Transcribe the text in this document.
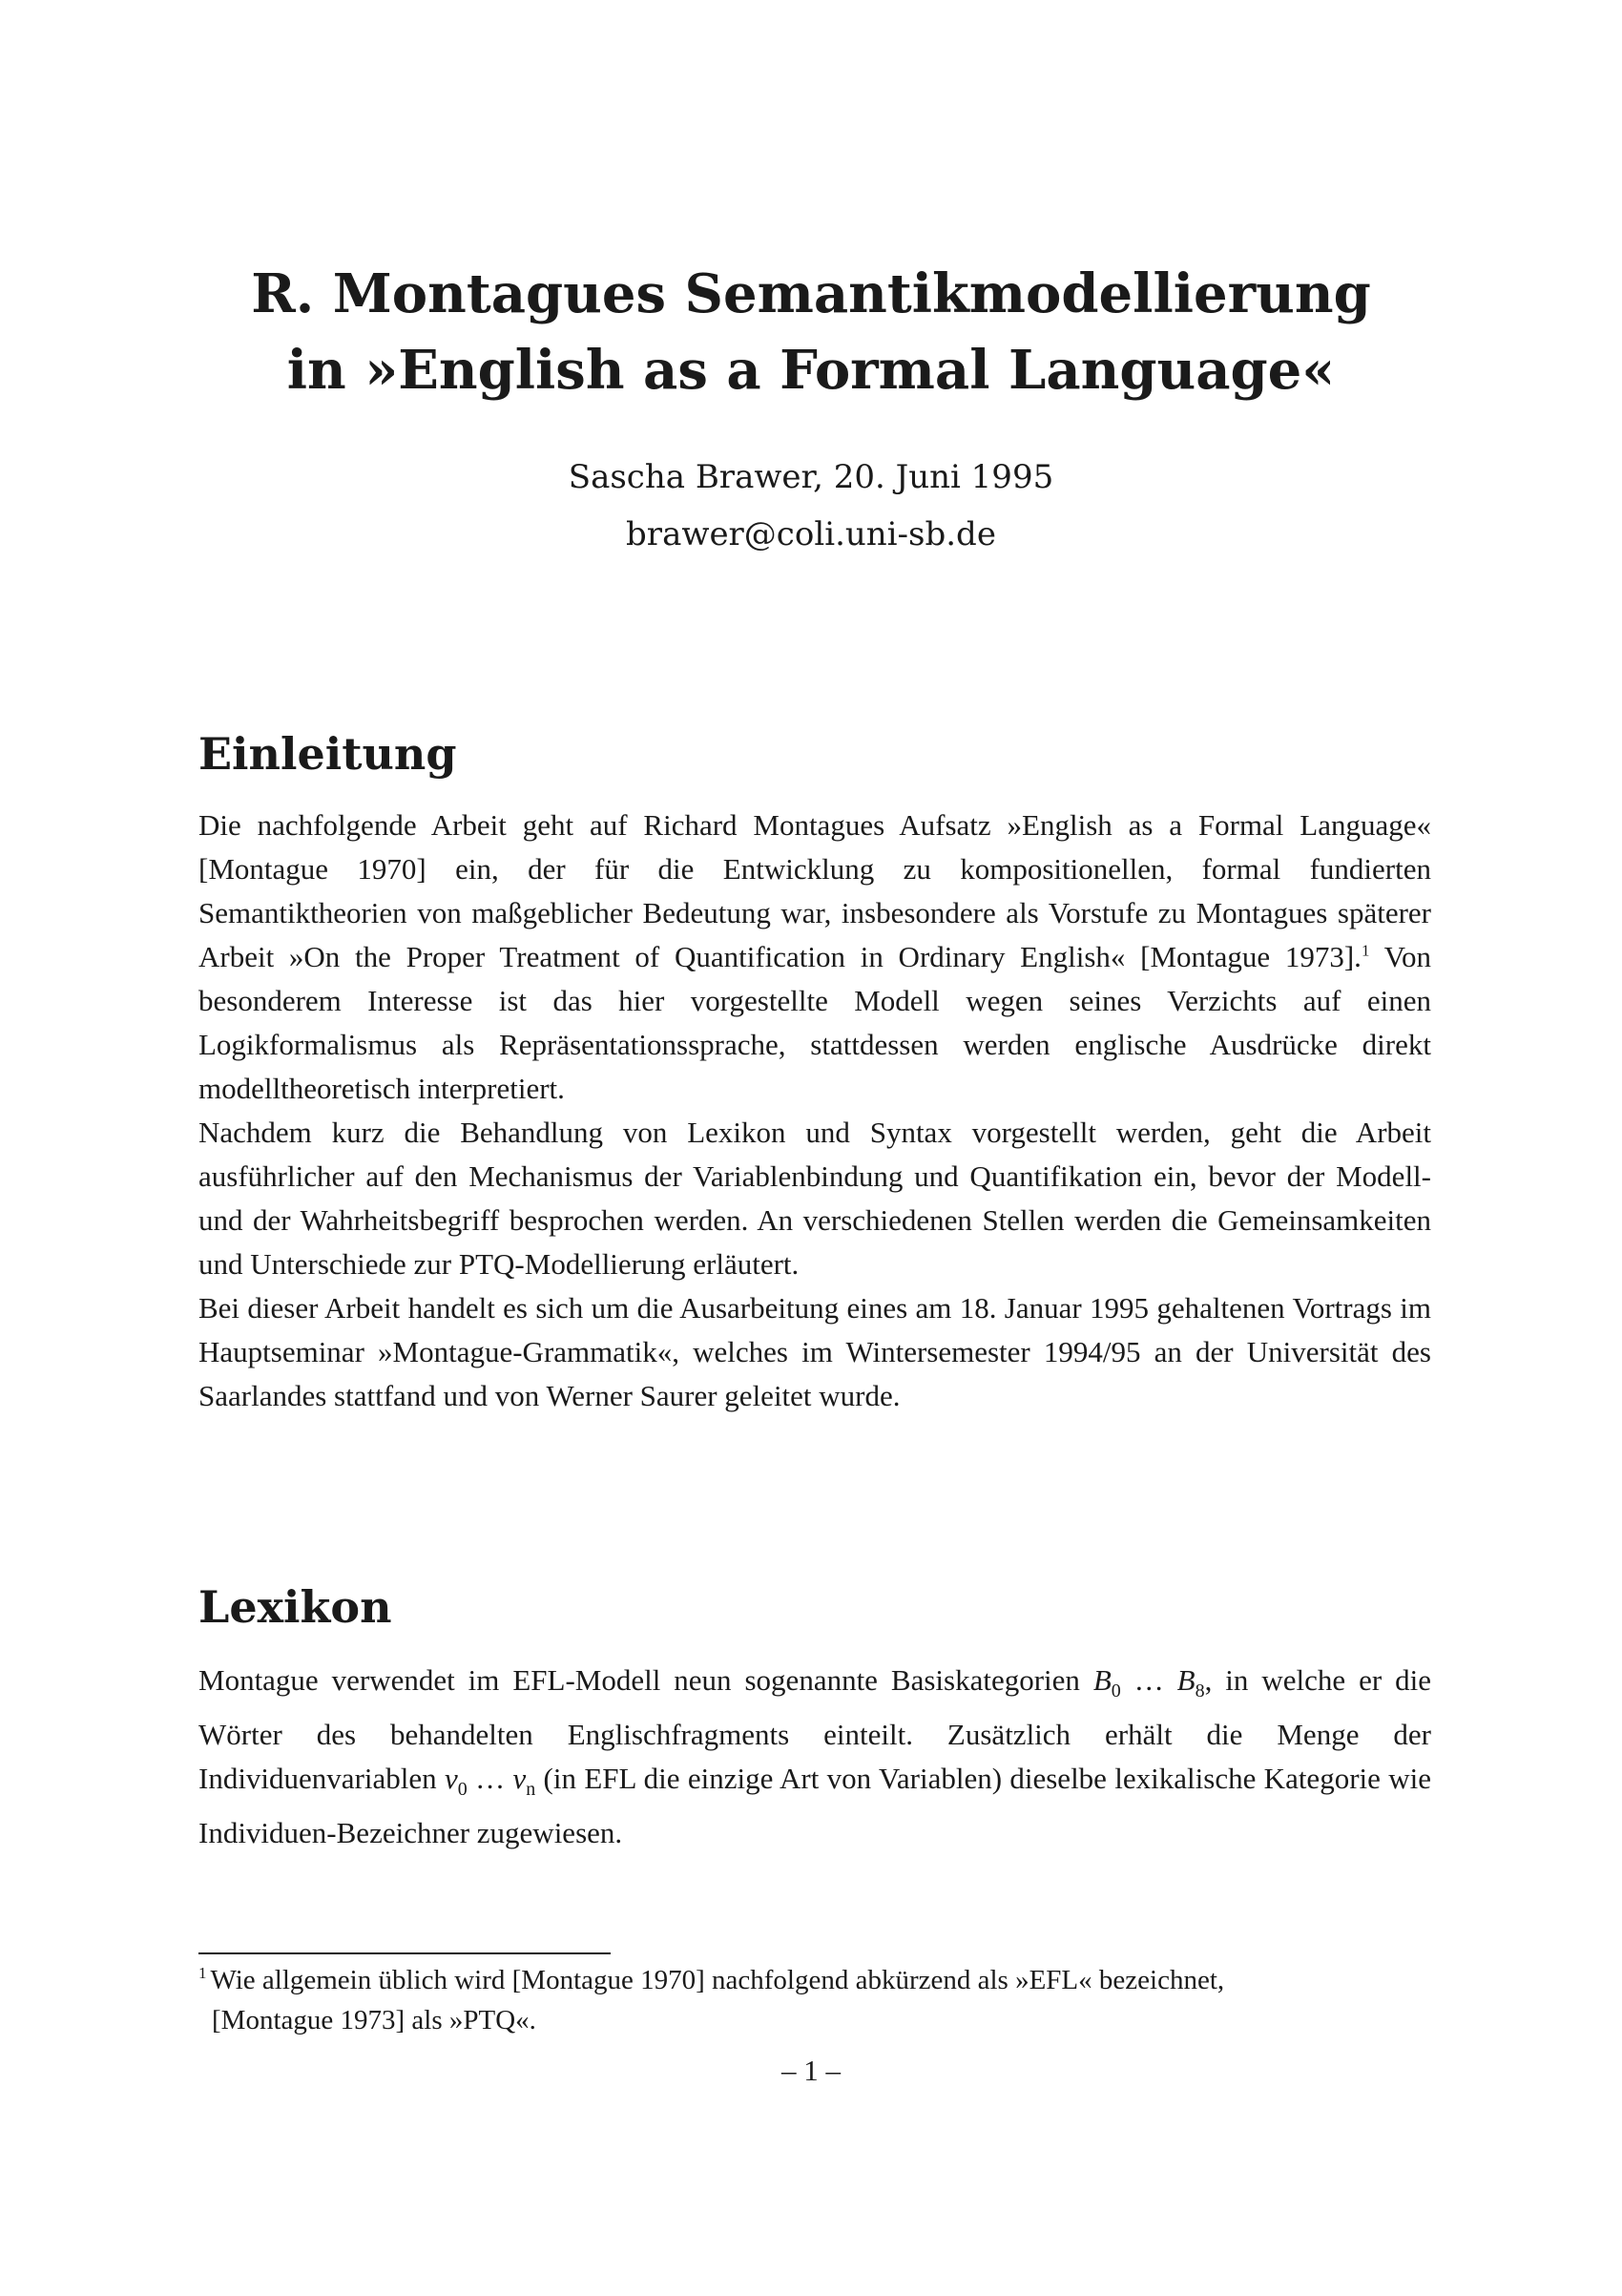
R. Montagues Semantikmodellierung
in »English as a Formal Language«
Sascha Brawer, 20. Juni 1995
brawer@coli.uni-sb.de
Einleitung

Die nachfolgende Arbeit geht auf Richard Montagues Aufsatz »English as a Formal Language« [Montague 1970] ein, der für die Entwicklung zu kompositionellen, formal fundierten Semantiktheorien von maßgeblicher Bedeutung war, insbesondere als Vorstufe zu Montagues späterer Arbeit »On the Proper Treatment of Quantification in Ordinary English« [Montague 1973].$^1$ Von besonderem Interesse ist das hier vorgestellte Modell wegen seines Verzichts auf einen Logikformalismus als Repräsentationssprache, stattdessen werden englische Ausdrücke direkt modelltheoretisch interpretiert.

Nachdem kurz die Behandlung von Lexikon und Syntax vorgestellt werden, geht die Arbeit ausführlicher auf den Mechanismus der Variablenbindung und Quantifikation ein, bevor der Modell- und der Wahrheitsbegriff besprochen werden. An verschiedenen Stellen werden die Gemeinsamkeiten und Unterschiede zur PTQ-Modellierung erläutert.

Bei dieser Arbeit handelt es sich um die Ausarbeitung eines am 18. Januar 1995 gehaltenen Vortrags im Hauptseminar »Montague-Grammatik«, welches im Wintersemester 1994/95 an der Universität des Saarlandes stattfand und von Werner Saurer geleitet wurde.

Lexikon

Montague verwendet im EFL-Modell neun sogenannte Basiskategorien $B_0$ … $B_8$, in welche er die Wörter des behandelten Englischfragments einteilt. Zusätzlich erhält die Menge der Individuenvariablen $v_0$ … $v_n$ (in EFL die einzige Art von Variablen) dieselbe lexikalische Kategorie wie Individuen-Bezeichner zugewiesen.

$^1$ Wie allgemein üblich wird [Montague 1970] nachfolgend abkürzend als »EFL« bezeichnet,
[Montague 1973] als »PTQ«.
– 1 –
